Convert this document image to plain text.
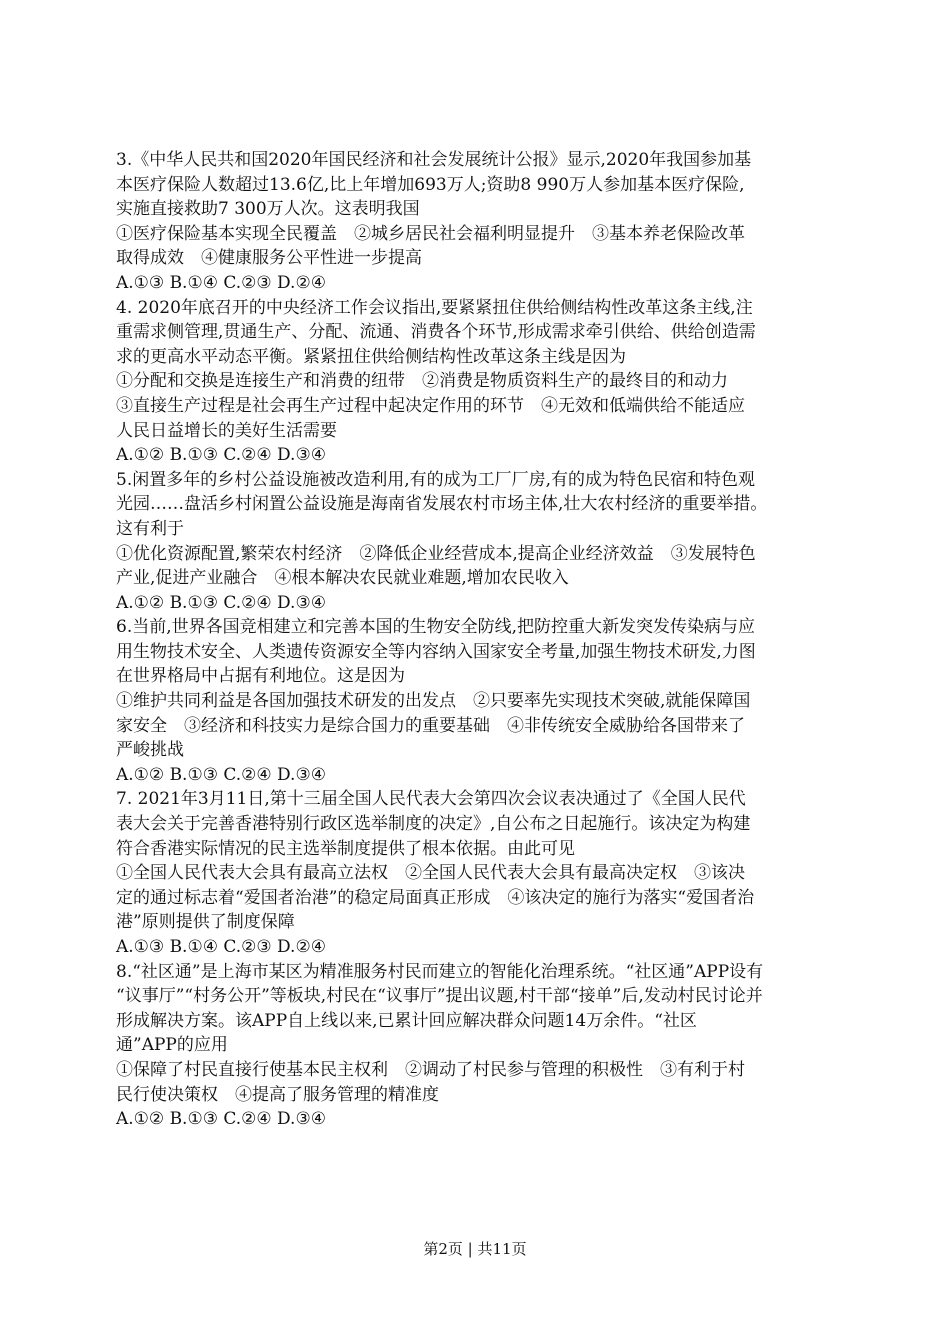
3.《中华人民共和国2020年国民经济和社会发展统计公报》显示,2020年我国参加基
本医疗保险人数超过13.6亿,比上年增加693万人;资助8 990万人参加基本医疗保险,
实施直接救助7 300万人次。这表明我国
①医疗保险基本实现全民覆盖　②城乡居民社会福利明显提升　③基本养老保险改革
取得成效　④健康服务公平性进一步提高
A.①③ B.①④ C.②③ D.②④
4. 2020年底召开的中央经济工作会议指出,要紧紧扭住供给侧结构性改革这条主线,注
重需求侧管理,贯通生产、分配、流通、消费各个环节,形成需求牵引供给、供给创造需
求的更高水平动态平衡。紧紧扭住供给侧结构性改革这条主线是因为
①分配和交换是连接生产和消费的纽带　②消费是物质资料生产的最终目的和动力
③直接生产过程是社会再生产过程中起决定作用的环节　④无效和低端供给不能适应
人民日益增长的美好生活需要
A.①② B.①③ C.②④ D.③④
5.闲置多年的乡村公益设施被改造利用,有的成为工厂厂房,有的成为特色民宿和特色观
光园……盘活乡村闲置公益设施是海南省发展农村市场主体,壮大农村经济的重要举措。
这有利于
①优化资源配置,繁荣农村经济　②降低企业经营成本,提高企业经济效益　③发展特色
产业,促进产业融合　④根本解决农民就业难题,增加农民收入
A.①② B.①③ C.②④ D.③④
6.当前,世界各国竞相建立和完善本国的生物安全防线,把防控重大新发突发传染病与应
用生物技术安全、人类遗传资源安全等内容纳入国家安全考量,加强生物技术研发,力图
在世界格局中占据有利地位。这是因为
①维护共同利益是各国加强技术研发的出发点　②只要率先实现技术突破,就能保障国
家安全　③经济和科技实力是综合国力的重要基础　④非传统安全威胁给各国带来了
严峻挑战
A.①② B.①③ C.②④ D.③④
7. 2021年3月11日,第十三届全国人民代表大会第四次会议表决通过了《全国人民代
表大会关于完善香港特别行政区选举制度的决定》,自公布之日起施行。该决定为构建
符合香港实际情况的民主选举制度提供了根本依据。由此可见
①全国人民代表大会具有最高立法权　②全国人民代表大会具有最高决定权　③该决
定的通过标志着“爱国者治港”的稳定局面真正形成　④该决定的施行为落实“爱国者治
港”原则提供了制度保障
A.①③ B.①④ C.②③ D.②④
8.“社区通”是上海市某区为精准服务村民而建立的智能化治理系统。“社区通”APP设有
“议事厅”“村务公开”等板块,村民在“议事厅”提出议题,村干部“接单”后,发动村民讨论并
形成解决方案。该APP自上线以来,已累计回应解决群众问题14万余件。“社区
通”APP的应用
①保障了村民直接行使基本民主权利　②调动了村民参与管理的积极性　③有利于村
民行使决策权　④提高了服务管理的精准度
A.①② B.①③ C.②④ D.③④
第2页 | 共11页
